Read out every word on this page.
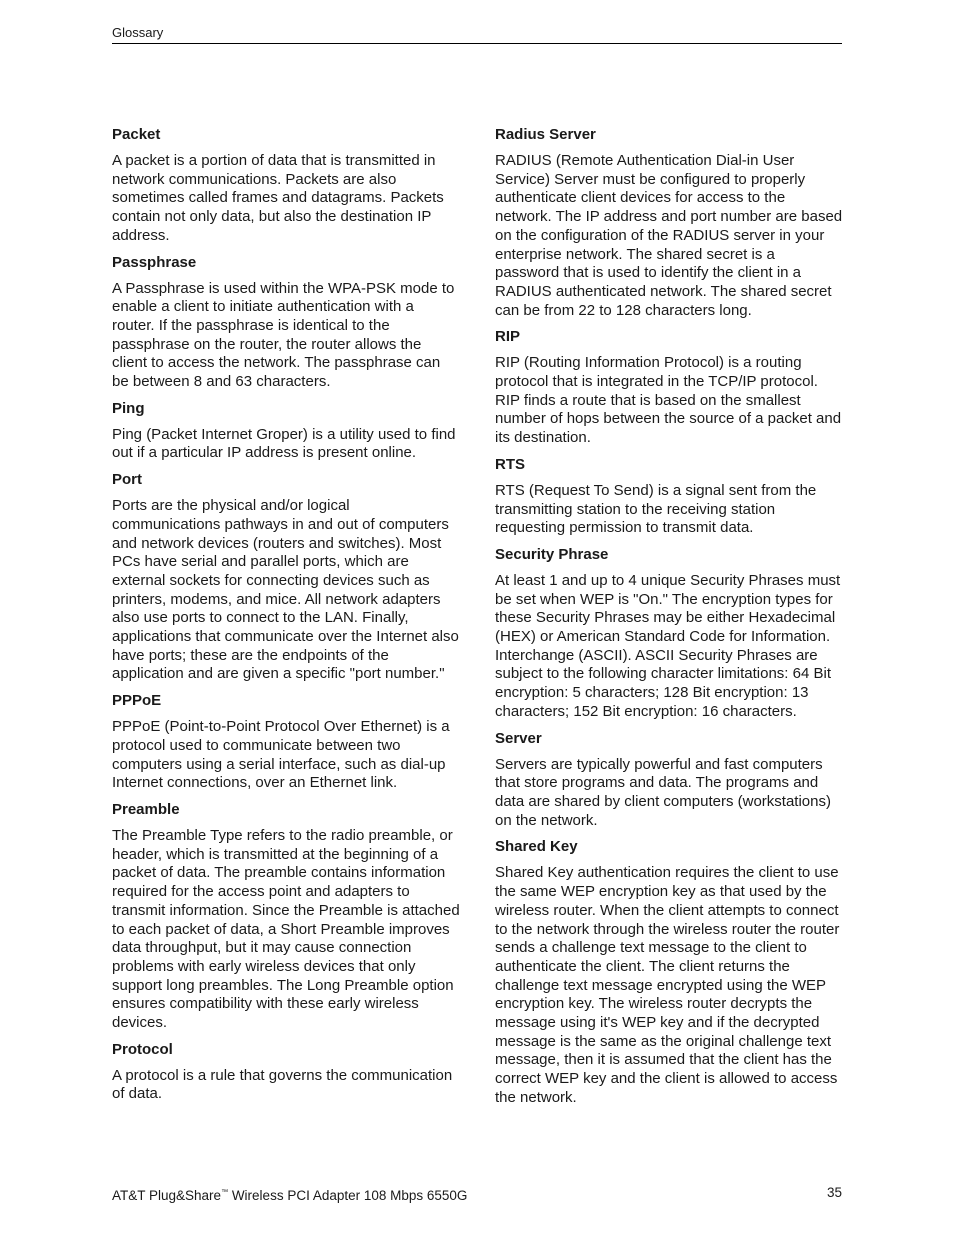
Glossary

Packet

A packet is a portion of data that is transmitted in network communications. Packets are also sometimes called frames and datagrams. Packets contain not only data, but also the destination IP address.

Passphrase

A Passphrase is used within the WPA-PSK mode to enable a client to initiate authentication with a router. If the passphrase is identical to the passphrase on the router, the router allows the client to access the network. The passphrase can be between 8 and 63 characters.

Ping

Ping (Packet Internet Groper) is a utility used to find out if a particular IP address is present online.

Port

Ports are the physical and/or logical communications pathways in and out of computers and network devices (routers and switches). Most PCs have serial and parallel ports, which are external sockets for connecting devices such as printers, modems, and mice. All network adapters also use ports to connect to the LAN. Finally, applications that communicate over the Internet also have ports; these are the endpoints of the application and are given a specific "port number."

PPPoE

PPPoE (Point-to-Point Protocol Over Ethernet) is a protocol used to communicate between two computers using a serial interface, such as dial-up Internet connections, over an Ethernet link.

Preamble

The Preamble Type refers to the radio preamble, or header, which is transmitted at the beginning of a packet of data. The preamble contains information required for the access point and adapters to transmit information. Since the Preamble is attached to each packet of data, a Short Preamble improves data throughput, but it may cause connection problems with early wireless devices that only support long preambles. The Long Preamble option ensures compatibility with these early wireless devices.

Protocol

A protocol is a rule that governs the communication of data.

Radius Server

RADIUS (Remote Authentication Dial-in User Service) Server must be configured to properly authenticate client devices for access to the network. The IP address and port number are based on the configuration of the RADIUS server in your enterprise network. The shared secret is a password that is used to identify the client in a RADIUS authenticated network. The shared secret can be from 22 to 128 characters long.

RIP

RIP (Routing Information Protocol) is a routing protocol that is integrated in the TCP/IP protocol. RIP finds a route that is based on the smallest number of hops between the source of a packet and its destination.

RTS

RTS (Request To Send) is a signal sent from the transmitting station to the receiving station requesting permission to transmit data.

Security Phrase

At least 1 and up to 4 unique Security Phrases must be set when WEP is "On." The encryption types for these Security Phrases may be either Hexadecimal (HEX) or American Standard Code for Information. Interchange (ASCII). ASCII Security Phrases are subject to the following character limitations: 64 Bit encryption: 5 characters; 128 Bit encryption: 13 characters; 152 Bit encryption: 16 characters.

Server

Servers are typically powerful and fast computers that store programs and data. The programs and data are shared by client computers (workstations) on the network.

Shared Key

Shared Key authentication requires the client to use the same WEP encryption key as that used by the wireless router. When the client attempts to connect to the network through the wireless router the router sends a challenge text message to the client to authenticate the client. The client returns the challenge text message encrypted using the WEP encryption key. The wireless router decrypts the message using it's WEP key and if the decrypted message is the same as the original challenge text message, then it is assumed that the client has the correct WEP key and the client is allowed to access the network.

AT&T Plug&Share™ Wireless PCI Adapter 108 Mbps 6550G	35
